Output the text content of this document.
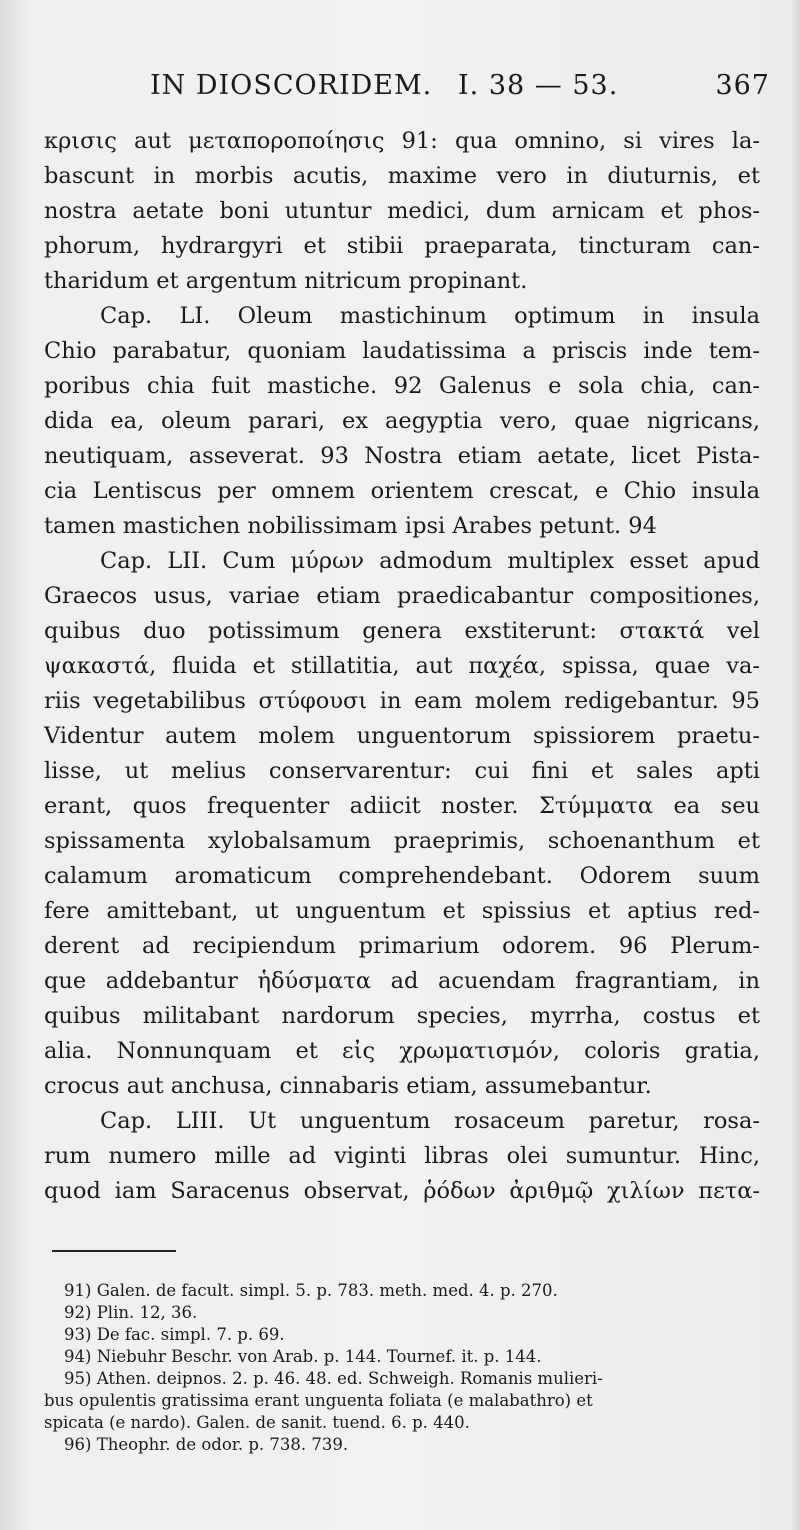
IN DIOSCORIDEM. I. 38 — 53.	367
κρισις aut μεταποροποίησις 91: qua omnino, si vires la-
bascunt in morbis acutis, maxime vero in diuturnis, et
nostra aetate boni utuntur medici, dum arnicam et phos-
phorum, hydrargyri et stibii praeparata, tincturam can-
tharidum et argentum nitricum propinant.
Cap. LI. Oleum mastichinum optimum in insula
Chio parabatur, quoniam laudatissima a priscis inde tem-
poribus chia fuit mastiche. 92 Galenus e sola chia, can-
dida ea, oleum parari, ex aegyptia vero, quae nigricans,
neutiquam, asseverat. 93 Nostra etiam aetate, licet Pista-
cia Lentiscus per omnem orientem crescat, e Chio insula
tamen mastichen nobilissimam ipsi Arabes petunt. 94
Cap. LII. Cum μύρων admodum multiplex esset apud
Graecos usus, variae etiam praedicabantur compositiones,
quibus duo potissimum genera exstiterunt: στακτά vel
ψακαστά, fluida et stillatitia, aut παχέα, spissa, quae va-
riis vegetabilibus στύφουσι in eam molem redigebantur. 95
Videntur autem molem unguentorum spissiorem praetu-
lisse, ut melius conservarentur: cui fini et sales apti
erant, quos frequenter adiicit noster. Στύμματα ea seu
spissamenta xylobalsamum praeprimis, schoenanthum et
calamum aromaticum comprehendebant. Odorem suum
fere amittebant, ut unguentum et spissius et aptius red-
derent ad recipiendum primarium odorem. 96 Plerum-
que addebantur ἡδύσματα ad acuendam fragrantiam, in
quibus militabant nardorum species, myrrha, costus et
alia. Nonnunquam et εἰς χρωματισμόν, coloris gratia,
crocus aut anchusa, cinnabaris etiam, assumebantur.
Cap. LIII. Ut unguentum rosaceum paretur, rosa-
rum numero mille ad viginti libras olei sumuntur. Hinc,
quod iam Saracenus observat, ῥόδων ἀριθμῷ χιλίων πετα-
91) Galen. de facult. simpl. 5. p. 783. meth. med. 4. p. 270.
92) Plin. 12, 36.
93) De fac. simpl. 7. p. 69.
94) Niebuhr Beschr. von Arab. p. 144. Tournef. it. p. 144.
95) Athen. deipnos. 2. p. 46. 48. ed. Schweigh. Romanis mulieri-
bus opulentis gratissima erant unguenta foliata (e malabathro) et
spicata (e nardo). Galen. de sanit. tuend. 6. p. 440.
96) Theophr. de odor. p. 738. 739.
